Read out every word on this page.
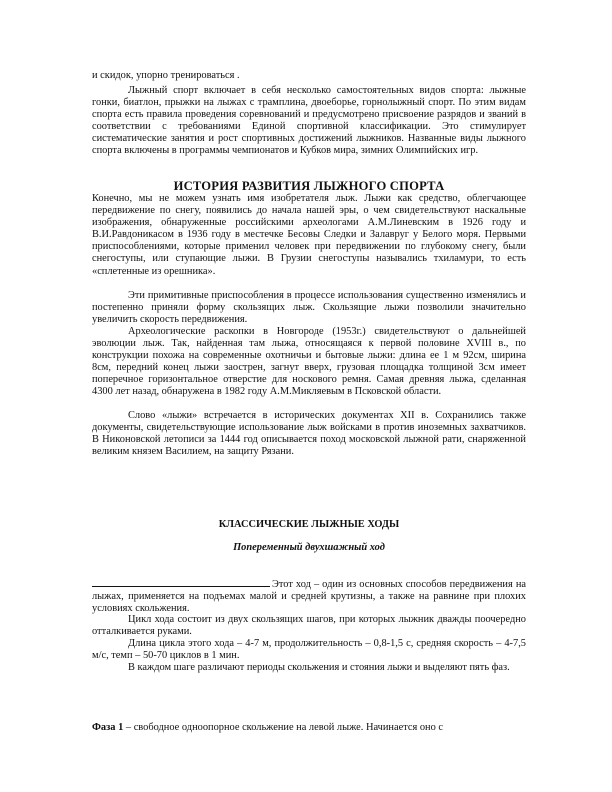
и скидок, упорно тренироваться .

Лыжный спорт включает в себя несколько самостоятельных видов спорта: лыжные гонки, биатлон, прыжки на лыжах с трамплина, двоеборье, горнолыжный спорт. По этим видам спорта есть правила проведения соревнований и предусмотрено присвоение разрядов и званий в соответствии с требованиями Единой спортивной классификации. Это стимулирует систематические занятия и рост спортивных достижений лыжников. Названные виды лыжного спорта включены в программы чемпионатов и Кубков мира, зимних Олимпийских игр.

ИСТОРИЯ РАЗВИТИЯ ЛЫЖНОГО СПОРТА

Конечно, мы не можем узнать имя изобретателя лыж. Лыжи как средство, облегчающее передвижение по снегу, появились до начала нашей эры, о чем свидетельствуют наскальные изображения, обнаруженные российскими археологами А.М.Линевским в 1926 году и В.И.Равдоникасом в 1936 году в местечке Бесовы Следки и Залавруг у Белого моря. Первыми приспособлениями, которые применил человек при передвижении по глубокому снегу, были снегоступы, или ступающие лыжи. В Грузии снегоступы назывались тхиламури, то есть «сплетенные из орешника».

Эти примитивные приспособления в процессе использования существенно изменялись и постепенно приняли форму скользящих лыж. Скользящие лыжи позволили значительно увеличить скорость передвижения.

Археологические раскопки в Новгороде (1953г.) свидетельствуют о дальнейшей эволюции лыж. Так, найденная там лыжа, относящаяся к первой половине XVIII в., по конструкции похожа на современные охотничьи и бытовые лыжи: длина ее 1 м 92см, ширина 8см, передний конец лыжи заострен, загнут вверх, грузовая площадка толщиной 3см имеет поперечное горизонтальное отверстие для носкового ремня. Самая древняя лыжа, сделанная 4300 лет назад, обнаружена в 1982 году А.М.Микляевым в Псковской области.

Слово «лыжи» встречается в исторических документах XII в. Сохранились также документы, свидетельствующие использование лыж войсками в против иноземных захватчиков. В Никоновской летописи за 1444 год описывается поход московской лыжной рати, снаряженной великим князем Василием, на защиту Рязани.

КЛАССИЧЕСКИЕ ЛЫЖНЫЕ ХОДЫ
Попеременный двухшажный ход

Этот ход – один из основных способов передвижения на лыжах, применяется на подъемах малой и средней крутизны, а также на равнине при плохих условиях скольжения.

Цикл хода состоит из двух скользящих шагов, при которых лыжник дважды поочередно отталкивается руками.

Длина цикла этого хода – 4-7 м, продолжительность – 0,8-1,5 с, средняя скорость – 4-7,5 м/с, темп – 50-70 циклов в 1 мин.

В каждом шаге различают периоды скольжения и стояния лыжи и выделяют пять фаз.

Фаза 1 – свободное одноопорное скольжение на левой лыже. Начинается оно с
